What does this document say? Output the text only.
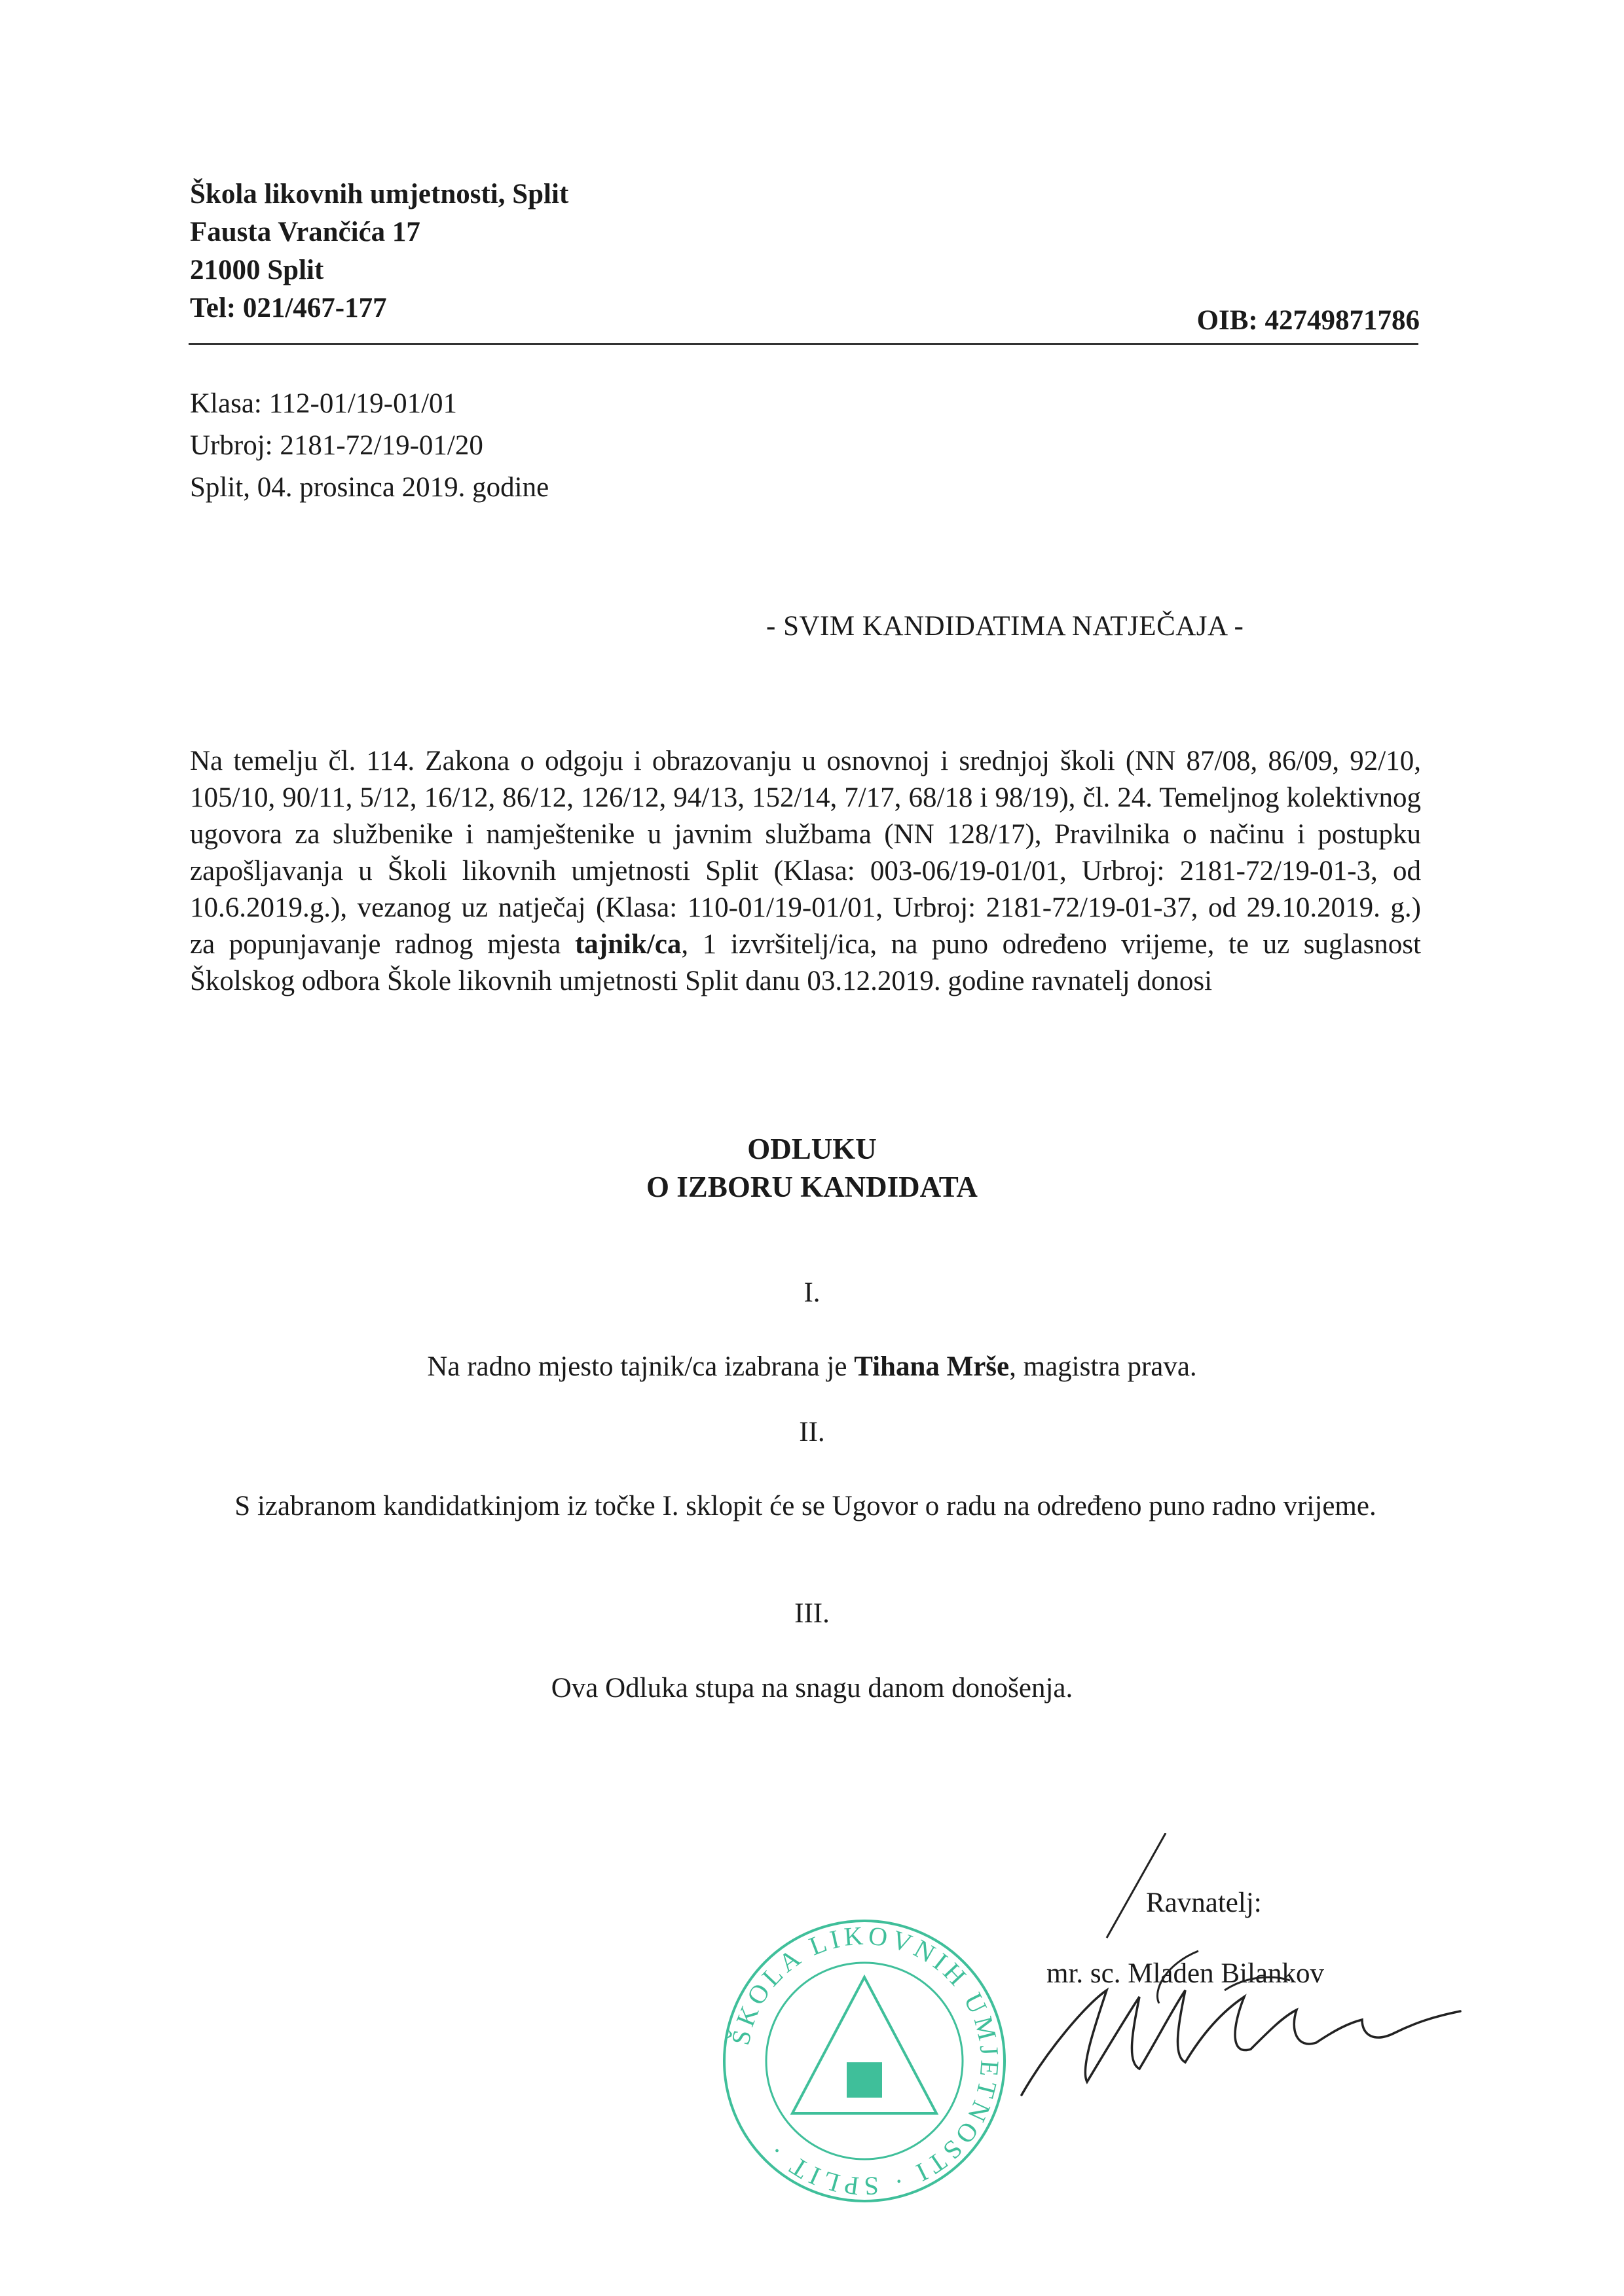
Škola likovnih umjetnosti, Split
Fausta Vrančića 17
21000 Split
Tel: 021/467-177	OIB: 42749871786
Klasa: 112-01/19-01/01
Urbroj: 2181-72/19-01/20
Split, 04. prosinca 2019. godine
- SVIM KANDIDATIMA NATJEČAJA -
Na temelju čl. 114. Zakona o odgoju i obrazovanju u osnovnoj i srednjoj školi (NN 87/08, 86/09, 92/10, 105/10, 90/11, 5/12, 16/12, 86/12, 126/12, 94/13, 152/14, 7/17, 68/18 i 98/19), čl. 24. Temeljnog kolektivnog ugovora za službenike i namještenike u javnim službama (NN 128/17), Pravilnika o načinu i postupku zapošljavanja u Školi likovnih umjetnosti Split (Klasa: 003-06/19-01/01, Urbroj: 2181-72/19-01-3, od 10.6.2019.g.), vezanog uz natječaj (Klasa: 110-01/19-01/01, Urbroj: 2181-72/19-01-37, od 29.10.2019. g.) za popunjavanje radnog mjesta tajnik/ca, 1 izvršitelj/ica, na puno određeno vrijeme, te uz suglasnost Školskog odbora Škole likovnih umjetnosti Split danu 03.12.2019. godine ravnatelj donosi
ODLUKU
O IZBORU KANDIDATA
I.
Na radno mjesto tajnik/ca izabrana je Tihana Mrše, magistra prava.
II.
S izabranom kandidatkinjom iz točke I. sklopit će se Ugovor o radu na određeno puno radno vrijeme.
III.
Ova Odluka stupa na snagu danom donošenja.
Ravnatelj:
mr. sc. Mladen Bilankov
ŠKOLA LIKOVNIH UMJETNOSTI · SPLIT ·
